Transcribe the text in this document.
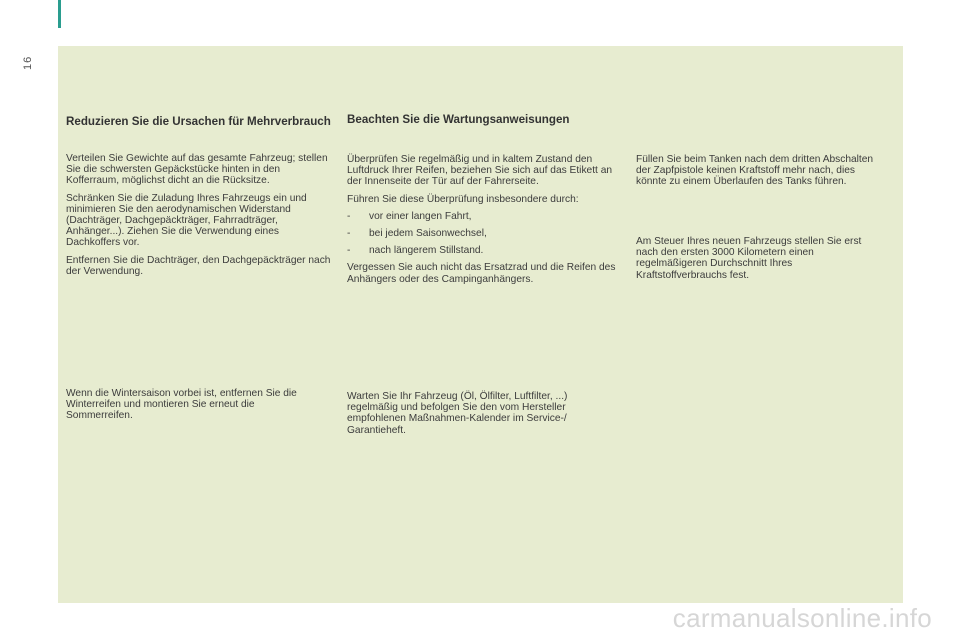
16
Reduzieren Sie die Ursachen für Mehrverbrauch

Verteilen Sie Gewichte auf das gesamte Fahrzeug; stellen Sie die schwersten Gepäckstücke hinten in den Kofferraum, möglichst dicht an die Rücksitze.

Schränken Sie die Zuladung Ihres Fahrzeugs ein und minimieren Sie den aerodynamischen Widerstand (Dachträger, Dachgepäckträger, Fahrradträger, Anhänger...). Ziehen Sie die Verwendung eines Dachkoffers vor.

Entfernen Sie die Dachträger, den Dachgepäckträger nach der Verwendung.

Wenn die Wintersaison vorbei ist, entfernen Sie die Winterreifen und montieren Sie erneut die Sommerreifen.

Beachten Sie die Wartungsanweisungen

Überprüfen Sie regelmäßig und in kaltem Zustand den Luftdruck Ihrer Reifen, beziehen Sie sich auf das Etikett an der Innenseite der Tür auf der Fahrerseite.

Führen Sie diese Überprüfung insbesondere durch:

-	vor einer langen Fahrt,
-	bei jedem Saisonwechsel,
-	nach längerem Stillstand.

Vergessen Sie auch nicht das Ersatzrad und die Reifen des Anhängers oder des Campinganhängers.

Warten Sie Ihr Fahrzeug (Öl, Ölfilter, Luftfilter, ...) regelmäßig und befolgen Sie den vom Hersteller empfohlenen Maßnahmen-Kalender im Service-/ Garantieheft.

Füllen Sie beim Tanken nach dem dritten Abschalten der Zapfpistole keinen Kraftstoff mehr nach, dies könnte zu einem Überlaufen des Tanks führen.

Am Steuer Ihres neuen Fahrzeugs stellen Sie erst nach den ersten 3000 Kilometern einen regelmäßigeren Durchschnitt Ihres Kraftstoffverbrauchs fest.

carmanualsonline.info
